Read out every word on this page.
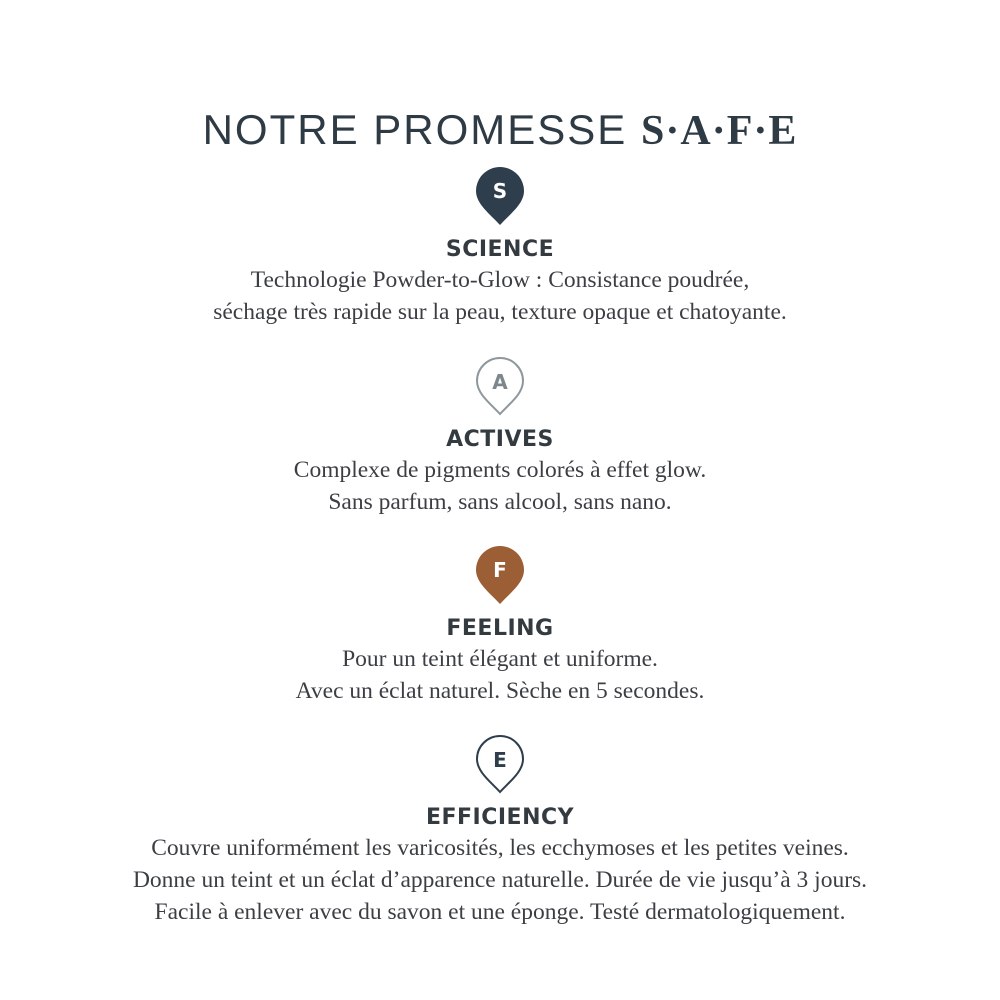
NOTRE PROMESSE S·A·F·E
S
SCIENCE
Technologie Powder-to-Glow : Consistance poudrée,
séchage très rapide sur la peau, texture opaque et chatoyante.
A
ACTIVES
Complexe de pigments colorés à effet glow.
Sans parfum, sans alcool, sans nano.
F
FEELING
Pour un teint élégant et uniforme.
Avec un éclat naturel. Sèche en 5 secondes.
E
EFFICIENCY
Couvre uniformément les varicosités, les ecchymoses et les petites veines.
Donne un teint et un éclat d’apparence naturelle. Durée de vie jusqu’à 3 jours.
Facile à enlever avec du savon et une éponge. Testé dermatologiquement.
